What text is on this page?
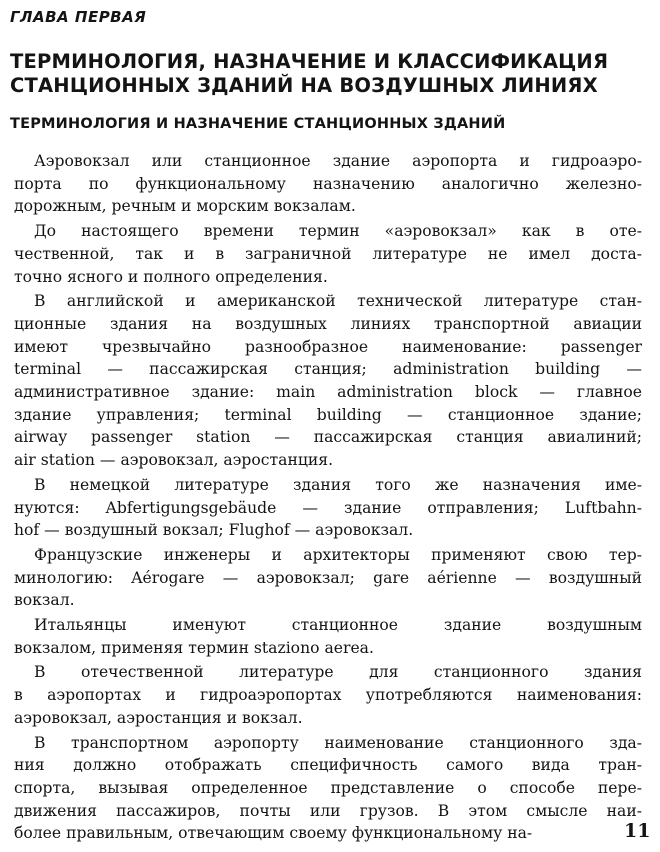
ГЛАВА ПЕРВАЯ
ТЕРМИНОЛОГИЯ, НАЗНАЧЕНИЕ И КЛАССИФИКАЦИЯ
СТАНЦИОННЫХ ЗДАНИЙ НА ВОЗДУШНЫХ ЛИНИЯХ
ТЕРМИНОЛОГИЯ И НАЗНАЧЕНИЕ СТАНЦИОННЫХ ЗДАНИЙ
Аэровокзал или станционное здание аэропорта и гидроаэро-
порта по функциональному назначению аналогично железно-
дорожным, речным и морским вокзалам.
До настоящего времени термин «аэровокзал» как в оте-
чественной, так и в заграничной литературе не имел доста-
точно ясного и полного определения.
В английской и американской технической литературе стан-
ционные здания на воздушных линиях транспортной авиации
имеют чрезвычайно разнообразное наименование: passenger
terminal — пассажирская станция; administration building —
административное здание: main administration block — главное
здание управления; terminal building — станционное здание;
airway passenger station — пассажирская станция авиалиний;
air station — аэровокзал, аэростанция.
В немецкой литературе здания того же назначения име-
нуются: Abfertigungsgebäude — здание отправления; Luftbahn-
hof — воздушный вокзал; Flughof — аэровокзал.
Французские инженеры и архитекторы применяют свою тер-
минологию: Aérogare — аэровокзал; gare aérienne — воздушный
вокзал.
Итальянцы именуют станционное здание воздушным
вокзалом, применяя термин staziono aerea.
В отечественной литературе для станционного здания
в аэропортах и гидроаэропортах употребляются наименования:
аэровокзал, аэростанция и вокзал.
В транспортном аэропорту наименование станционного зда-
ния должно отображать специфичность самого вида тран-
спорта, вызывая определенное представление о способе пере-
движения пассажиров, почты или грузов. В этом смысле наи-
более правильным, отвечающим своему функциональному на-	11
